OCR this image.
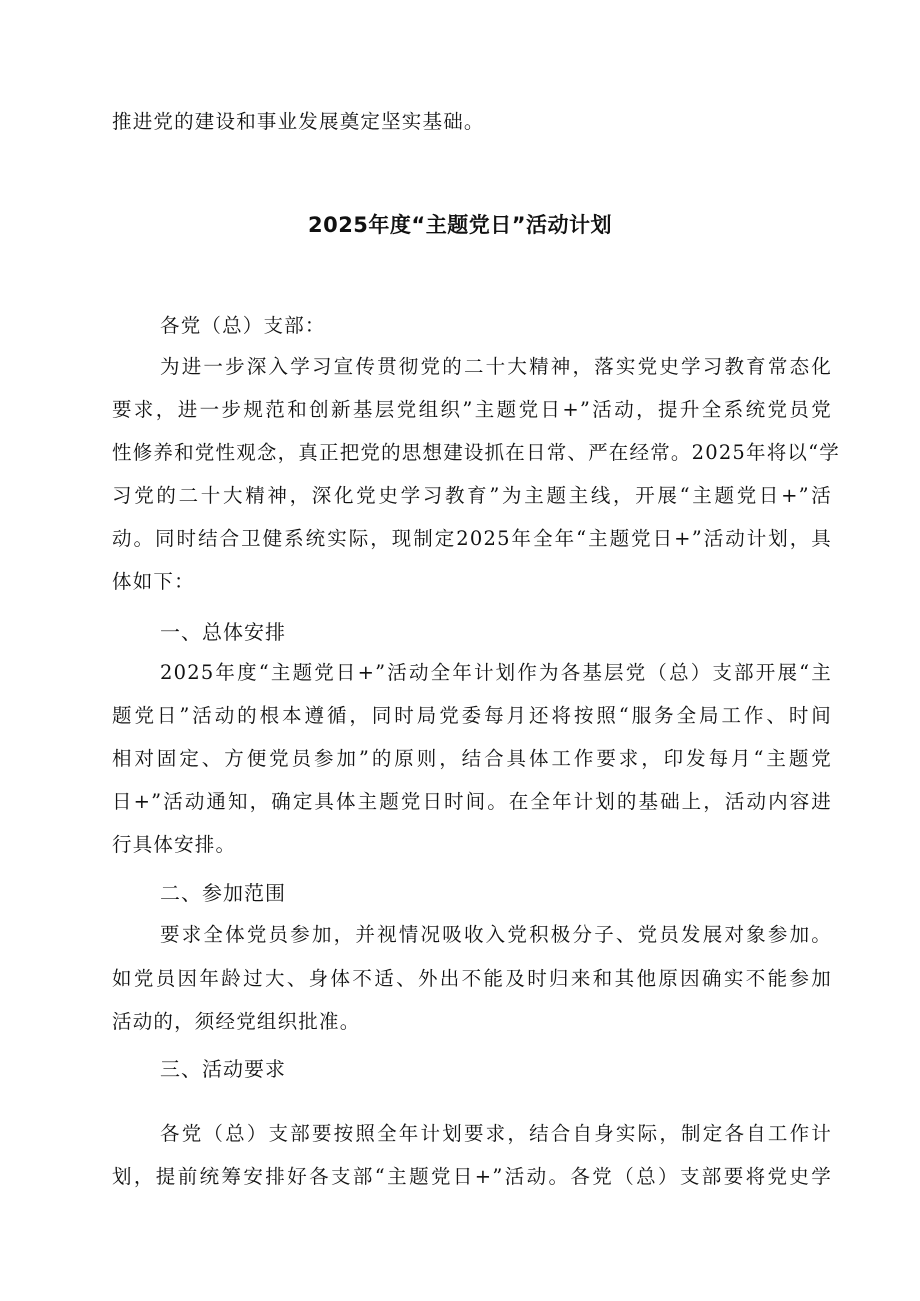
推进党的建设和事业发展奠定坚实基础。
2025年度“主题党日”活动计划
各党（总）支部：
为进一步深入学习宣传贯彻党的二十大精神，落实党史学习教育常态化
要求，进一步规范和创新基层党组织”主题党日+”活动，提升全系统党员党
性修养和党性观念，真正把党的思想建设抓在日常、严在经常。2025年将以“学
习党的二十大精神，深化党史学习教育”为主题主线，开展“主题党日+”活
动。同时结合卫健系统实际，现制定2025年全年“主题党日+”活动计划，具
体如下：
一、总体安排
2025年度“主题党日+”活动全年计划作为各基层党（总）支部开展“主
题党日”活动的根本遵循，同时局党委每月还将按照“服务全局工作、时间
相对固定、方便党员参加”的原则，结合具体工作要求，印发每月“主题党
日+”活动通知，确定具体主题党日时间。在全年计划的基础上，活动内容进
行具体安排。
二、参加范围
要求全体党员参加，并视情况吸收入党积极分子、党员发展对象参加。
如党员因年龄过大、身体不适、外出不能及时归来和其他原因确实不能参加
活动的，须经党组织批准。
三、活动要求
各党（总）支部要按照全年计划要求，结合自身实际，制定各自工作计
划，提前统筹安排好各支部“主题党日+”活动。各党（总）支部要将党史学
